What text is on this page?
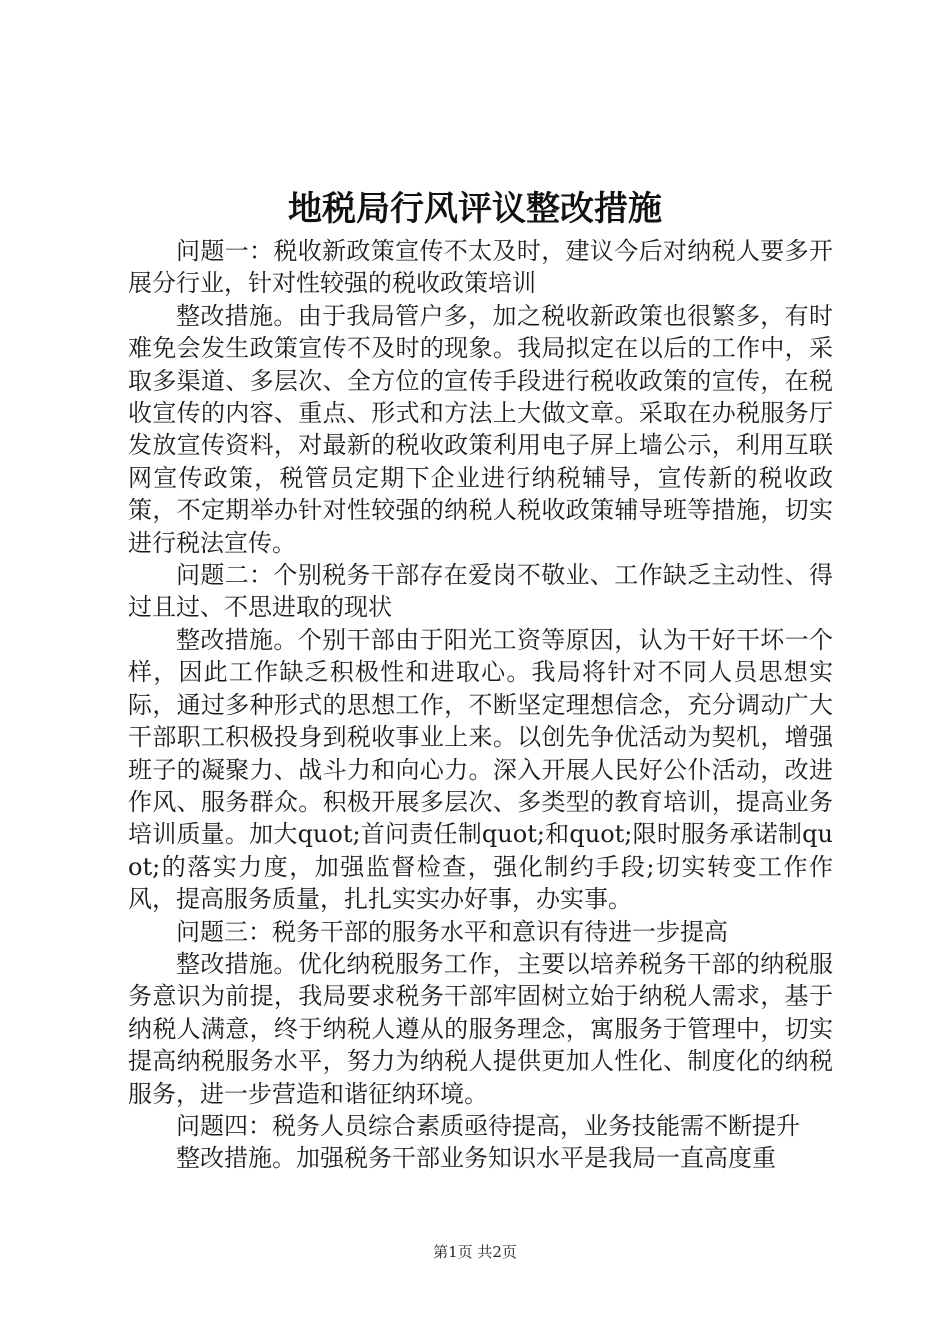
地税局行风评议整改措施

问题一：税收新政策宣传不太及时，建议今后对纳税人要多开展分行业，针对性较强的税收政策培训

整改措施。由于我局管户多，加之税收新政策也很繁多，有时难免会发生政策宣传不及时的现象。我局拟定在以后的工作中，采取多渠道、多层次、全方位的宣传手段进行税收政策的宣传，在税收宣传的内容、重点、形式和方法上大做文章。采取在办税服务厅发放宣传资料，对最新的税收政策利用电子屏上墙公示，利用互联网宣传政策，税管员定期下企业进行纳税辅导，宣传新的税收政策，不定期举办针对性较强的纳税人税收政策辅导班等措施，切实进行税法宣传。

问题二：个别税务干部存在爱岗不敬业、工作缺乏主动性、得过且过、不思进取的现状

整改措施。个别干部由于阳光工资等原因，认为干好干坏一个样，因此工作缺乏积极性和进取心。我局将针对不同人员思想实际，通过多种形式的思想工作，不断坚定理想信念，充分调动广大干部职工积极投身到税收事业上来。以创先争优活动为契机，增强班子的凝聚力、战斗力和向心力。深入开展人民好公仆活动，改进作风、服务群众。积极开展多层次、多类型的教育培训，提高业务培训质量。加大quot;首问责任制quot;和quot;限时服务承诺制quot;的落实力度，加强监督检查，强化制约手段;切实转变工作作风，提高服务质量，扎扎实实办好事，办实事。

问题三：税务干部的服务水平和意识有待进一步提高

整改措施。优化纳税服务工作，主要以培养税务干部的纳税服务意识为前提，我局要求税务干部牢固树立始于纳税人需求，基于纳税人满意，终于纳税人遵从的服务理念，寓服务于管理中，切实提高纳税服务水平，努力为纳税人提供更加人性化、制度化的纳税服务，进一步营造和谐征纳环境。

问题四：税务人员综合素质亟待提高，业务技能需不断提升

整改措施。加强税务干部业务知识水平是我局一直高度重

第1页 共2页
